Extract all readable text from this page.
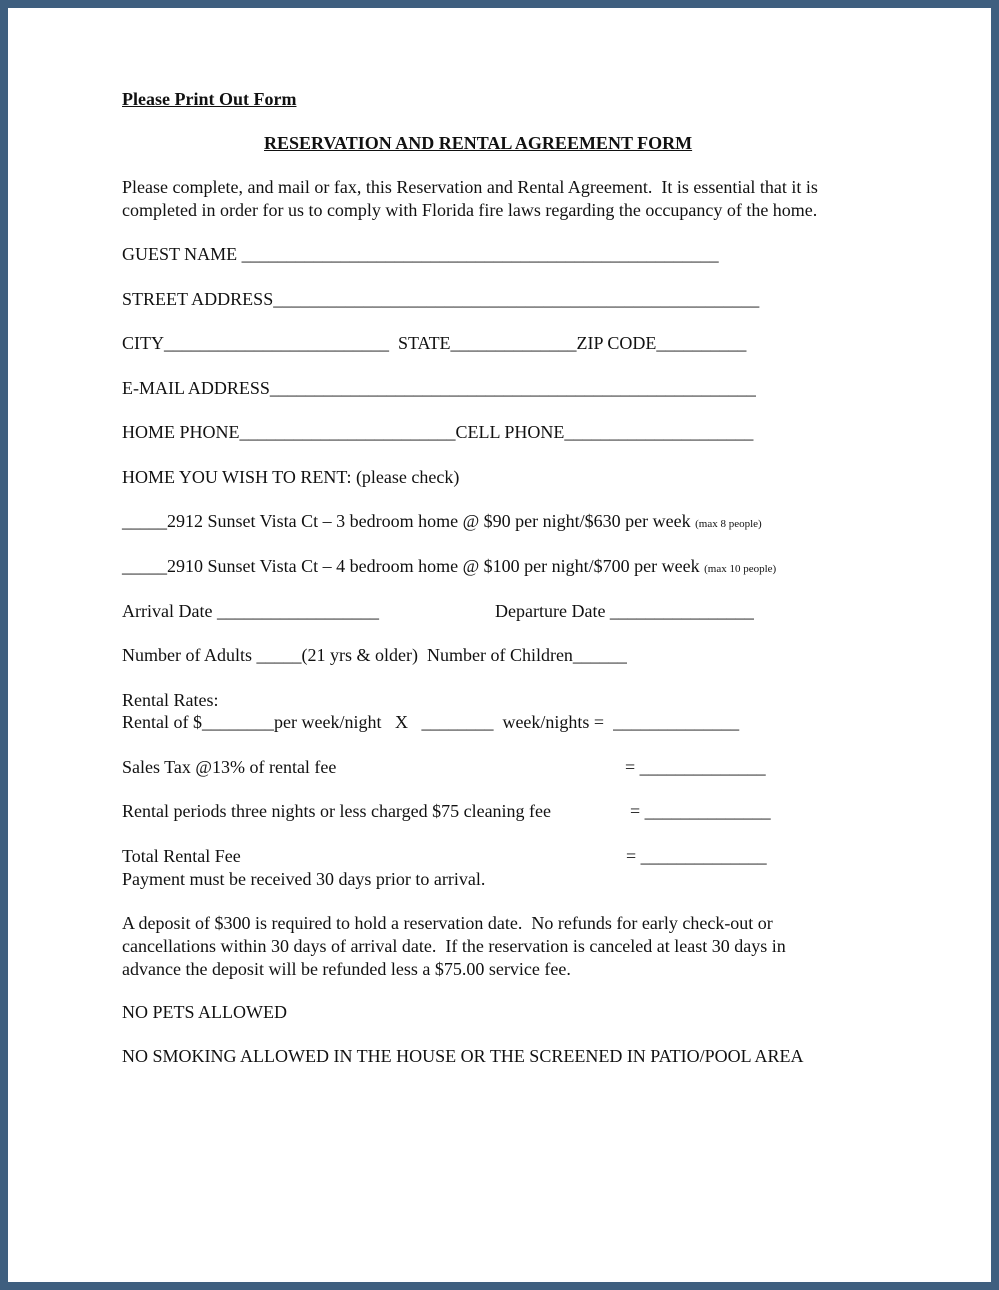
Please Print Out Form
RESERVATION AND RENTAL AGREEMENT FORM
Please complete, and mail or fax, this Reservation and Rental Agreement.  It is essential that it is
completed in order for us to comply with Florida fire laws regarding the occupancy of the home.
GUEST NAME _____________________________________________________
STREET ADDRESS______________________________________________________
CITY_________________________  STATE______________ZIP CODE__________
E-MAIL ADDRESS______________________________________________________
HOME PHONE________________________CELL PHONE_____________________
HOME YOU WISH TO RENT: (please check)
_____2912 Sunset Vista Ct – 3 bedroom home @ $90 per night/$630 per week (max 8 people)
_____2910 Sunset Vista Ct – 4 bedroom home @ $100 per night/$700 per week (max 10 people)
Arrival Date __________________	Departure Date ________________
Number of Adults _____(21 yrs & older)  Number of Children______
Rental Rates:
Rental of $________per week/night   X   ________  week/nights =  ______________
Sales Tax @13% of rental fee	= ______________
Rental periods three nights or less charged $75 cleaning fee	= ______________
Total Rental Fee	= ______________
Payment must be received 30 days prior to arrival.
A deposit of $300 is required to hold a reservation date.  No refunds for early check-out or
cancellations within 30 days of arrival date.  If the reservation is canceled at least 30 days in
advance the deposit will be refunded less a $75.00 service fee.
NO PETS ALLOWED
NO SMOKING ALLOWED IN THE HOUSE OR THE SCREENED IN PATIO/POOL AREA
